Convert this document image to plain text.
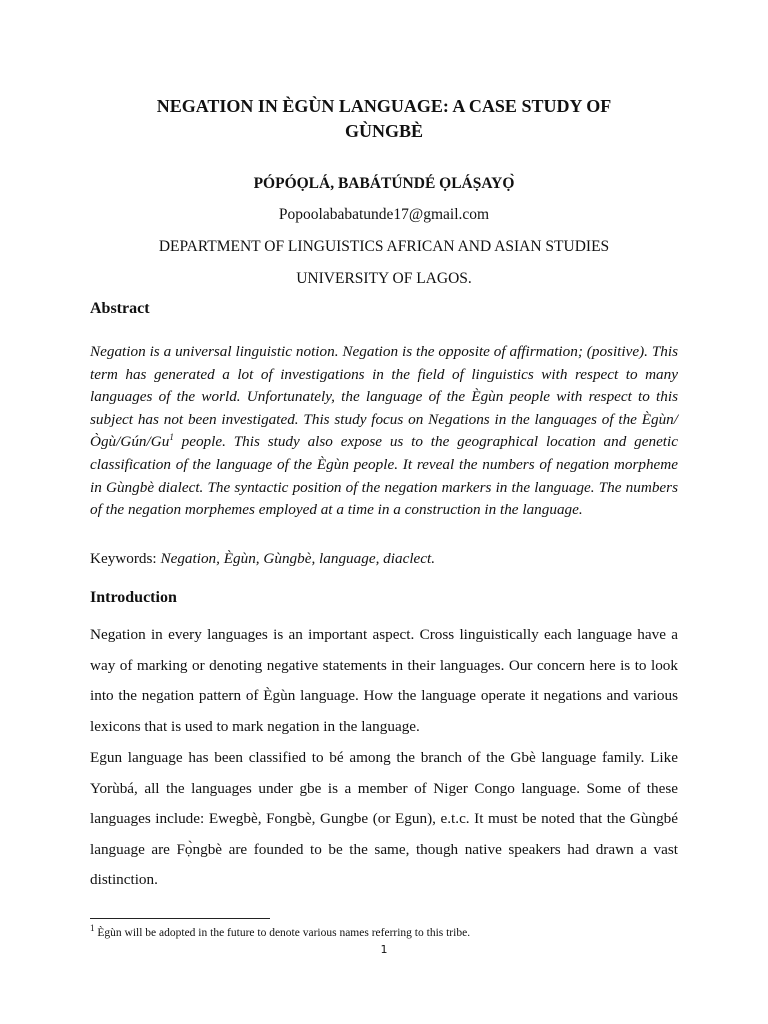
NEGATION IN ÈGÙN LANGUAGE: A CASE STUDY OF
GÙNGBÈ

PÓPÓỌLÁ, BABÁTÚNDÉ ỌLÁṢAYỌ̀

Popoolababatunde17@gmail.com

DEPARTMENT OF LINGUISTICS AFRICAN AND ASIAN STUDIES

UNIVERSITY OF LAGOS.

Abstract

Negation is a universal linguistic notion. Negation is the opposite of affirmation; (positive). This term has generated a lot of investigations in the field of linguistics with respect to many languages of the world. Unfortunately, the language of the Ègùn people with respect to this subject has not been investigated. This study focus on Negations in the languages of the Ègùn/Ògù/Gún/Gu$^1$ people. This study also expose us to the geographical location and genetic classification of the language of the Ègùn people. It reveal the numbers of negation morpheme in Gùngbè dialect. The syntactic position of the negation markers in the language. The numbers of the negation morphemes employed at a time in a construction in the language.

Keywords: Negation, Ègùn, Gùngbè, language, diaclect.

Introduction

Negation in every languages is an important aspect. Cross linguistically each language have a way of marking or denoting negative statements in their languages. Our concern here is to look into the negation pattern of Ègùn language. How the language operate it negations and various lexicons that is used to mark negation in the language.

Egun language has been classified to bé among the branch of the Gbè language family. Like Yorùbá, all the languages under gbe is a member of Niger Congo language. Some of these languages include: Ewegbè, Fongbè, Gungbe (or Egun), e.t.c. It must be noted that the Gùngbé language are Fọ̀ngbè are founded to be the same, though native speakers had drawn a vast distinction.

$^1$ Ègùn will be adopted in the future to denote various names referring to this tribe.

1
